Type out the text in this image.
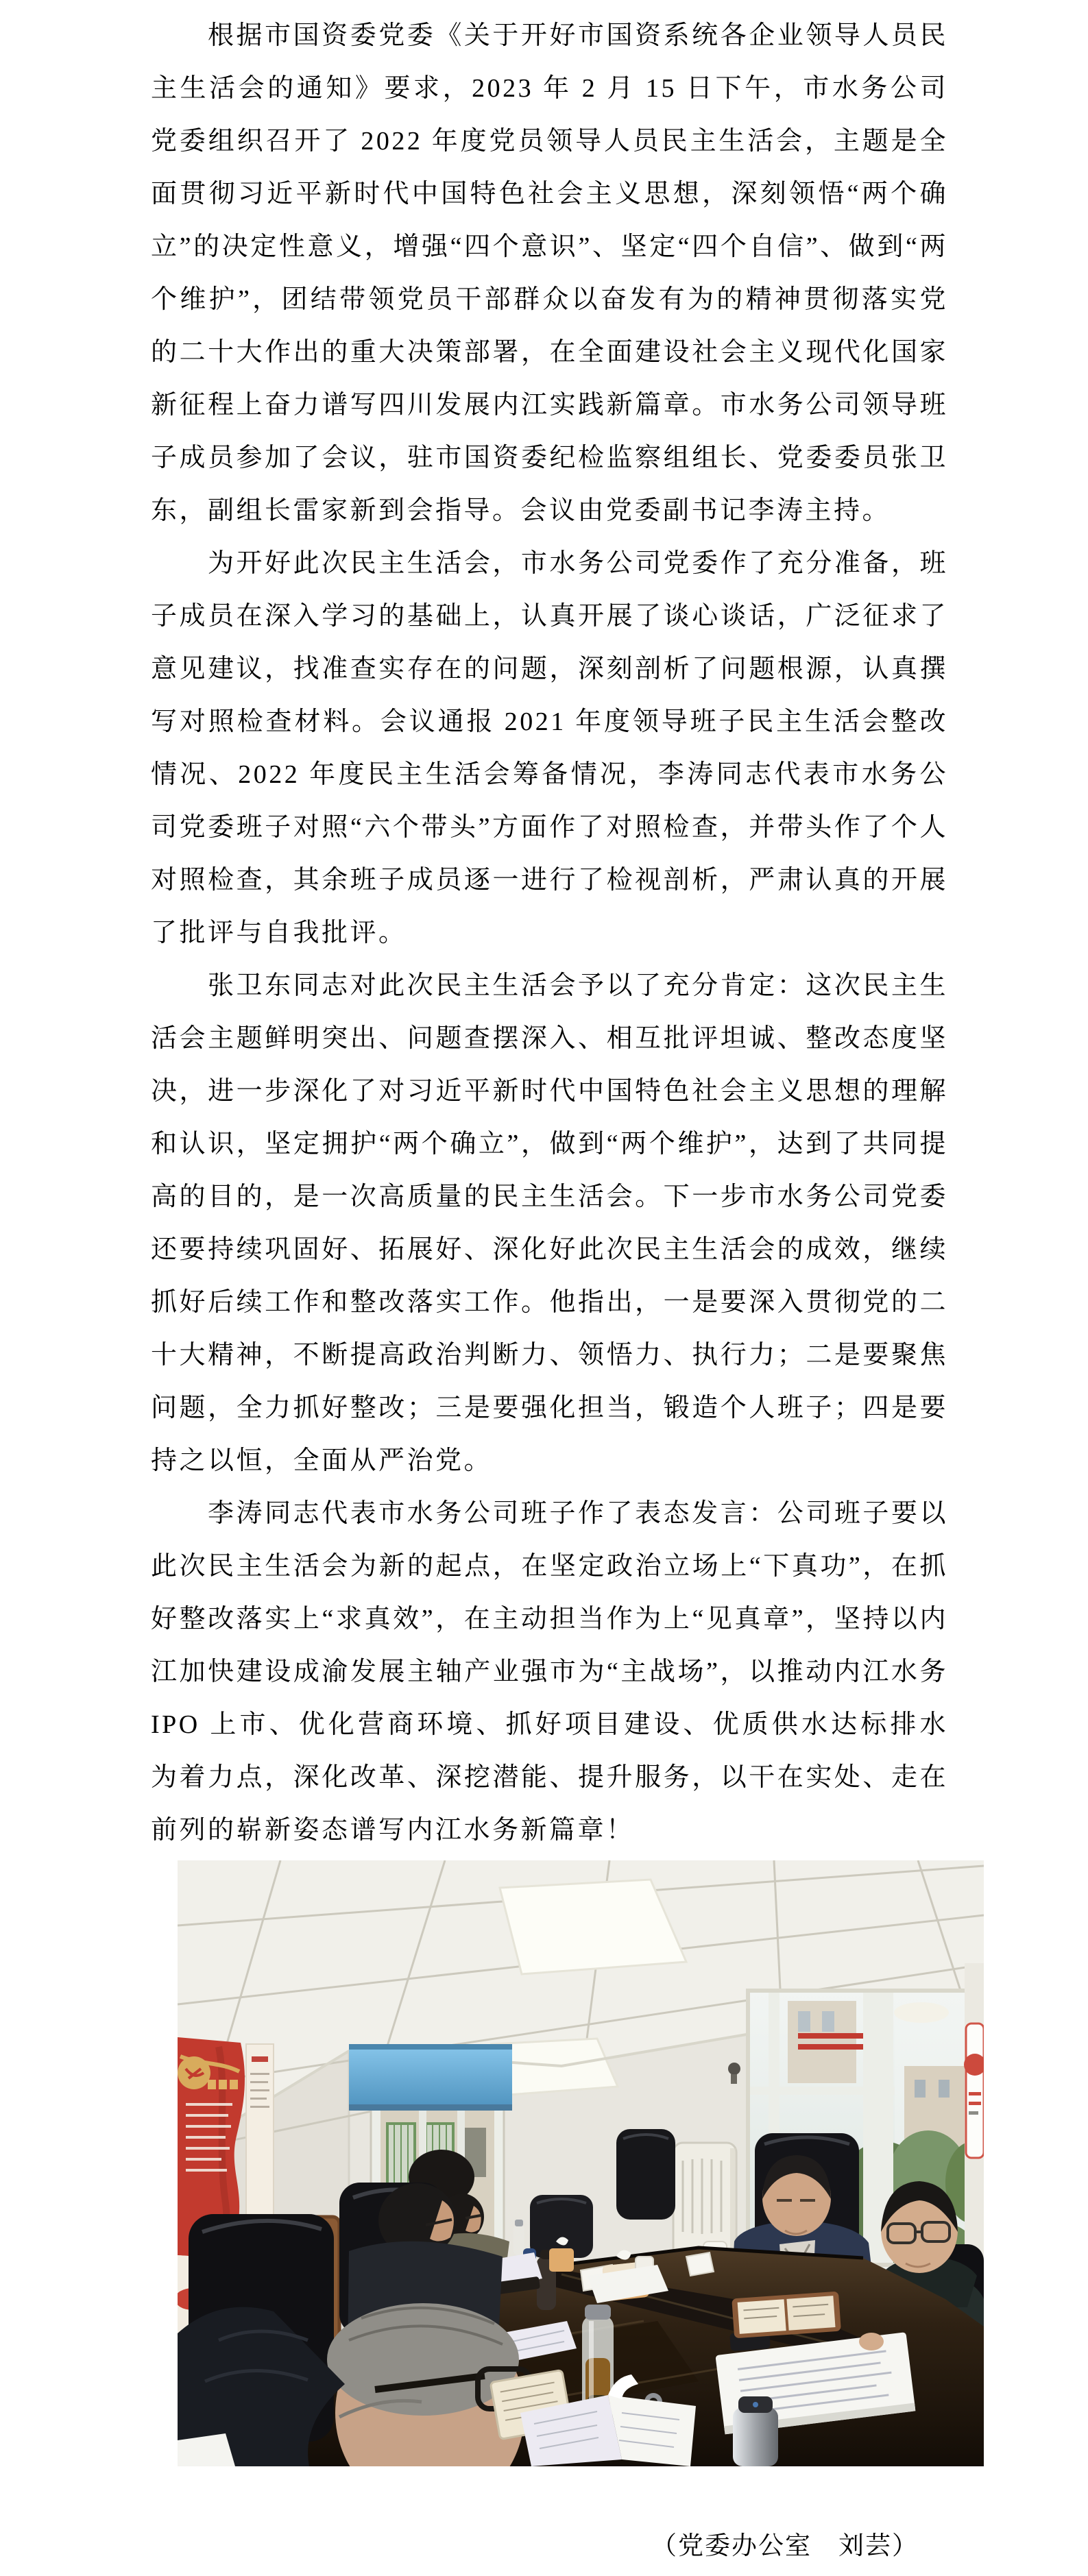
根据市国资委党委《关于开好市国资系统各企业领导人员民主生活会的通知》要求，2023 年 2 月 15 日下午，市水务公司党委组织召开了 2022 年度党员领导人员民主生活会，主题是全面贯彻习近平新时代中国特色社会主义思想，深刻领悟“两个确立”的决定性意义，增强“四个意识”、坚定“四个自信”、做到“两个维护”，团结带领党员干部群众以奋发有为的精神贯彻落实党的二十大作出的重大决策部署，在全面建设社会主义现代化国家新征程上奋力谱写四川发展内江实践新篇章。市水务公司领导班子成员参加了会议，驻市国资委纪检监察组组长、党委委员张卫东，副组长雷家新到会指导。会议由党委副书记李涛主持。

为开好此次民主生活会，市水务公司党委作了充分准备，班子成员在深入学习的基础上，认真开展了谈心谈话，广泛征求了意见建议，找准查实存在的问题，深刻剖析了问题根源，认真撰写对照检查材料。会议通报 2021 年度领导班子民主生活会整改情况、2022 年度民主生活会筹备情况，李涛同志代表市水务公司党委班子对照“六个带头”方面作了对照检查，并带头作了个人对照检查，其余班子成员逐一进行了检视剖析，严肃认真的开展了批评与自我批评。

张卫东同志对此次民主生活会予以了充分肯定：这次民主生活会主题鲜明突出、问题查摆深入、相互批评坦诚、整改态度坚决，进一步深化了对习近平新时代中国特色社会主义思想的理解和认识，坚定拥护“两个确立”，做到“两个维护”，达到了共同提高的目的，是一次高质量的民主生活会。下一步市水务公司党委还要持续巩固好、拓展好、深化好此次民主生活会的成效，继续抓好后续工作和整改落实工作。他指出，一是要深入贯彻党的二十大精神，不断提高政治判断力、领悟力、执行力；二是要聚焦问题，全力抓好整改；三是要强化担当，锻造个人班子；四是要持之以恒，全面从严治党。

李涛同志代表市水务公司班子作了表态发言：公司班子要以此次民主生活会为新的起点，在坚定政治立场上“下真功”，在抓好整改落实上“求真效”，在主动担当作为上“见真章”，坚持以内江加快建设成渝发展主轴产业强市为“主战场”，以推动内江水务 IPO 上市、优化营商环境、抓好项目建设、优质供水达标排水为着力点，深化改革、深挖潜能、提升服务，以干在实处、走在前列的崭新姿态谱写内江水务新篇章！

（党委办公室　刘芸）
